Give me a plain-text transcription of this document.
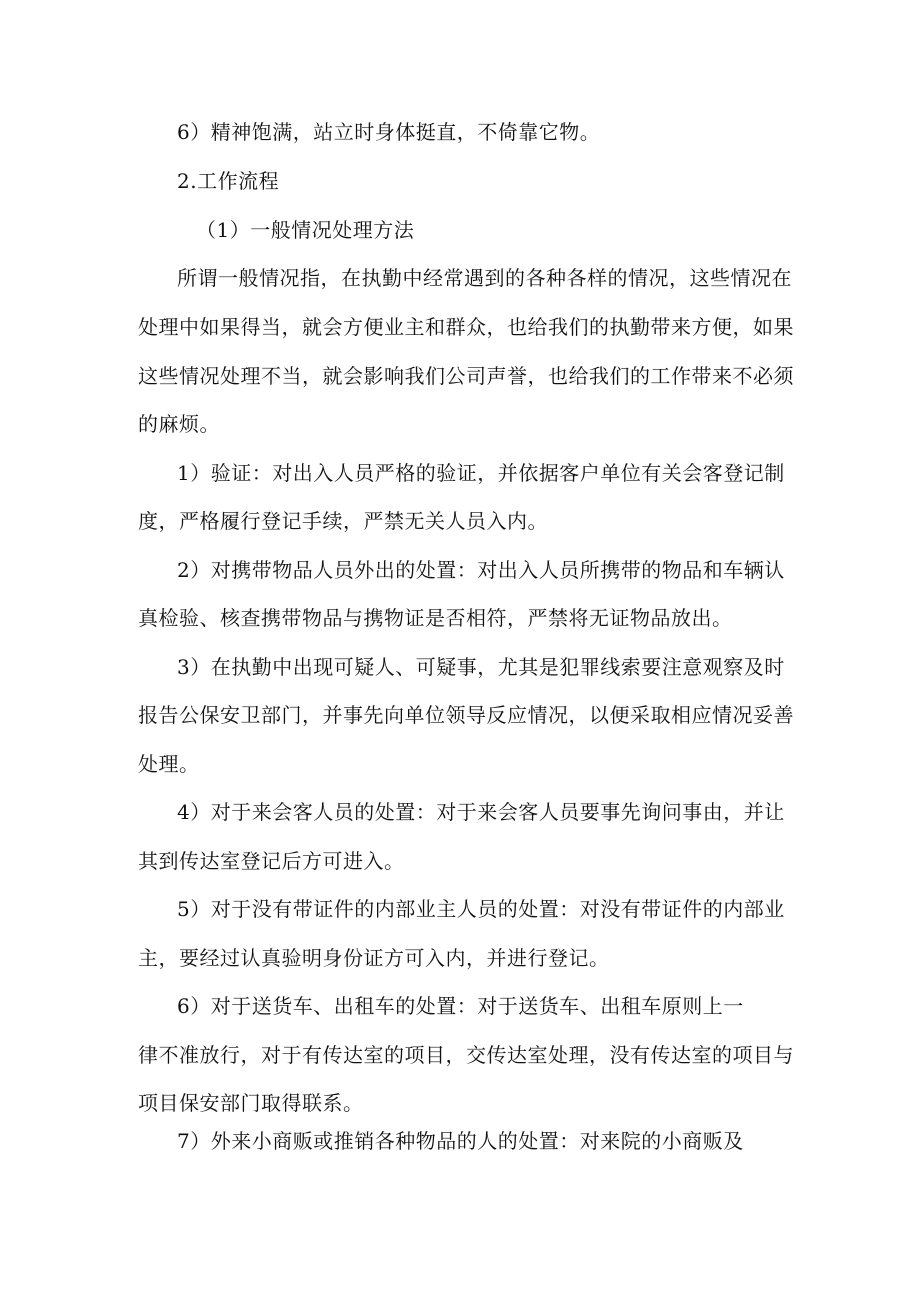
6）精神饱满，站立时身体挺直，不倚靠它物。
2.工作流程
（1）一般情况处理方法
所谓一般情况指，在执勤中经常遇到的各种各样的情况，这些情况在
处理中如果得当，就会方便业主和群众，也给我们的执勤带来方便，如果
这些情况处理不当，就会影响我们公司声誉，也给我们的工作带来不必须
的麻烦。
1）验证：对出入人员严格的验证，并依据客户单位有关会客登记制
度，严格履行登记手续，严禁无关人员入内。
2）对携带物品人员外出的处置：对出入人员所携带的物品和车辆认
真检验、核查携带物品与携物证是否相符，严禁将无证物品放出。
3）在执勤中出现可疑人、可疑事，尤其是犯罪线索要注意观察及时
报告公保安卫部门，并事先向单位领导反应情况，以便采取相应情况妥善
处理。
4）对于来会客人员的处置：对于来会客人员要事先询问事由，并让
其到传达室登记后方可进入。
5）对于没有带证件的内部业主人员的处置：对没有带证件的内部业
主，要经过认真验明身份证方可入内，并进行登记。
6）对于送货车、出租车的处置：对于送货车、出租车原则上一
律不准放行，对于有传达室的项目，交传达室处理，没有传达室的项目与
项目保安部门取得联系。
7）外来小商贩或推销各种物品的人的处置：对来院的小商贩及
